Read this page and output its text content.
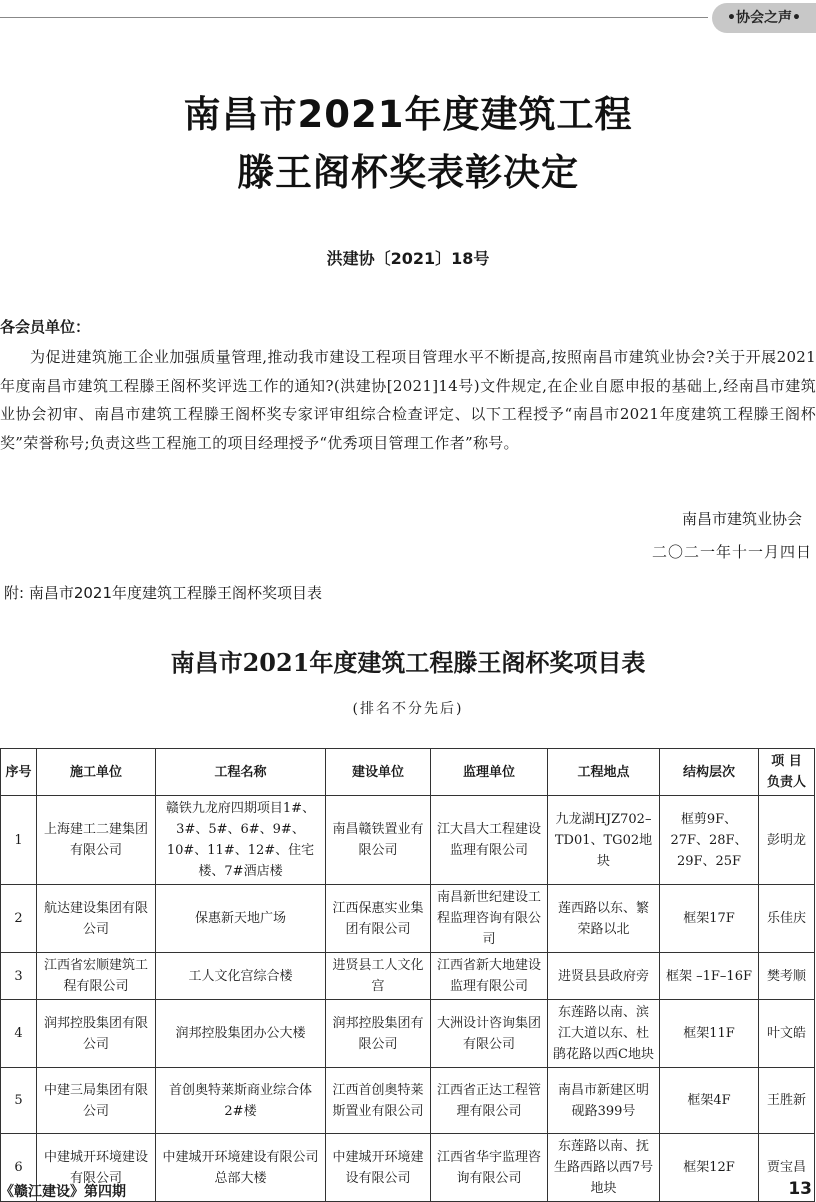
•协会之声•
南昌市2021年度建筑工程
滕王阁杯奖表彰决定
洪建协〔2021〕18号
各会员单位：
为促进建筑施工企业加强质量管理,推动我市建设工程项目管理水平不断提高,按照南昌市建筑业协会?关于开展2021年度南昌市建筑工程滕王阁杯奖评选工作的通知?(洪建协[2021]14号)文件规定,在企业自愿申报的基础上,经南昌市建筑业协会初审、南昌市建筑工程滕王阁杯奖专家评审组综合检查评定、以下工程授予“南昌市2021年度建筑工程滕王阁杯奖”荣誉称号;负责这些工程施工的项目经理授予“优秀项目管理工作者”称号。
南昌市建筑业协会
二〇二一年十一月四日
附: 南昌市2021年度建筑工程滕王阁杯奖项目表
南昌市2021年度建筑工程滕王阁杯奖项目表
(排名不分先后)
序号	施工单位	工程名称	建设单位	监理单位	工程地点	结构层次	项 目 负责人
1	上海建工二建集团有限公司	赣铁九龙府四期项目1#、3#、5#、6#、9#、10#、11#、12#、住宅楼、7#酒店楼	南昌赣铁置业有限公司	江大昌大工程建设监理有限公司	九龙湖HJZ702–TD01、TG02地块	框剪9F、27F、28F、29F、25F	彭明龙
2	航达建设集团有限公司	保惠新天地广场	江西保惠实业集团有限公司	南昌新世纪建设工程监理咨询有限公司	莲西路以东、繁荣路以北	框架17F	乐佳庆
3	江西省宏顺建筑工程有限公司	工人文化宫综合楼	进贤县工人文化宫	江西省新大地建设监理有限公司	进贤县县政府旁	框架 –1F–16F	樊考顺
4	润邦控股集团有限公司	润邦控股集团办公大楼	润邦控股集团有限公司	大洲设计咨询集团有限公司	东莲路以南、滨江大道以东、杜鹃花路以西C地块	框架11F	叶文皓
5	中建三局集团有限公司	首创奥特莱斯商业综合体2#楼	江西首创奥特莱斯置业有限公司	江西省正达工程管理有限公司	南昌市新建区明砚路399号	框架4F	王胜新
6	中建城开环境建设有限公司	中建城开环境建设有限公司总部大楼	中建城开环境建设有限公司	江西省华宇监理咨询有限公司	东莲路以南、抚生路西路以西7号地块	框架12F	贾宝昌
《赣江建设》第四期	13
